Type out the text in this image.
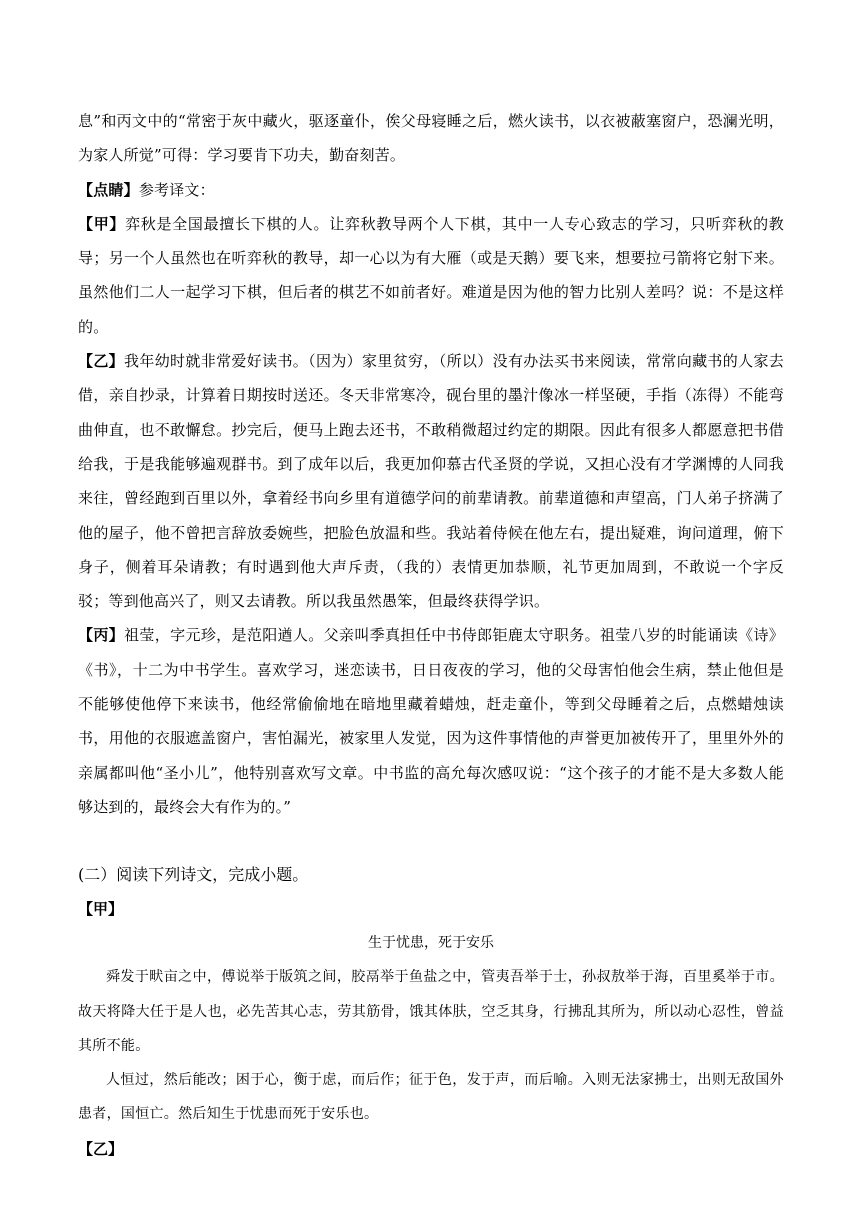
息”和丙文中的“常密于灰中藏火，驱逐童仆，俟父母寝睡之后，燃火读书，以衣被蔽塞窗户，恐澜光明，为家人所觉”可得：学习要肯下功夫，勤奋刻苦。

【点睛】参考译文：

【甲】弈秋是全国最擅长下棋的人。让弈秋教导两个人下棋，其中一人专心致志的学习，只听弈秋的教导；另一个人虽然也在听弈秋的教导，却一心以为有大雁（或是天鹅）要飞来，想要拉弓箭将它射下来。虽然他们二人一起学习下棋，但后者的棋艺不如前者好。难道是因为他的智力比别人差吗？说：不是这样的。

【乙】我年幼时就非常爱好读书。（因为）家里贫穷，（所以）没有办法买书来阅读，常常向藏书的人家去借，亲自抄录，计算着日期按时送还。冬天非常寒冷，砚台里的墨汁像冰一样坚硬，手指（冻得）不能弯曲伸直，也不敢懈怠。抄完后，便马上跑去还书，不敢稍微超过约定的期限。因此有很多人都愿意把书借给我，于是我能够遍观群书。到了成年以后，我更加仰慕古代圣贤的学说，又担心没有才学渊博的人同我来往，曾经跑到百里以外，拿着经书向乡里有道德学问的前辈请教。前辈道德和声望高，门人弟子挤满了他的屋子，他不曾把言辞放委婉些，把脸色放温和些。我站着侍候在他左右，提出疑难，询问道理，俯下身子，侧着耳朵请教；有时遇到他大声斥责，（我的）表情更加恭顺，礼节更加周到，不敢说一个字反驳；等到他高兴了，则又去请教。所以我虽然愚笨，但最终获得学识。

【丙】祖莹，字元珍，是范阳遒人。父亲叫季真担任中书侍郎钜鹿太守职务。祖莹八岁的时能诵读《诗》《书》，十二为中书学生。喜欢学习，迷恋读书，日日夜夜的学习，他的父母害怕他会生病，禁止他但是不能够使他停下来读书，他经常偷偷地在暗地里藏着蜡烛，赶走童仆，等到父母睡着之后，点燃蜡烛读书，用他的衣服遮盖窗户，害怕漏光，被家里人发觉，因为这件事情他的声誉更加被传开了，里里外外的亲属都叫他“圣小儿”，他特别喜欢写文章。中书监的高允每次感叹说：“这个孩子的才能不是大多数人能够达到的，最终会大有作为的。”

(二）阅读下列诗文，完成小题。

【甲】

生于忧患，死于安乐

舜发于畎亩之中，傅说举于版筑之间，胶鬲举于鱼盐之中，管夷吾举于士，孙叔敖举于海，百里奚举于市。故天将降大任于是人也，必先苦其心志，劳其筋骨，饿其体肤，空乏其身，行拂乱其所为，所以动心忍性，曾益其所不能。

人恒过，然后能改；困于心，衡于虑，而后作；征于色，发于声，而后喻。入则无法家拂士，出则无敌国外患者，国恒亡。然后知生于忧患而死于安乐也。

【乙】
